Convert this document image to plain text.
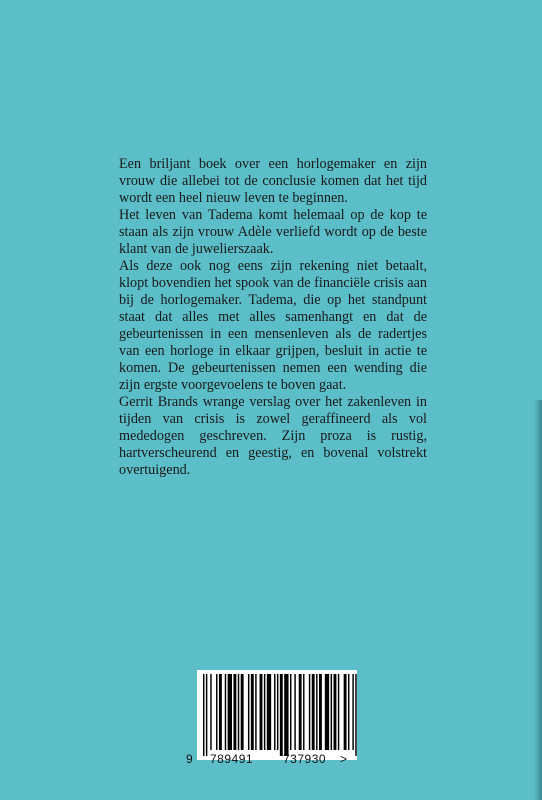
Een briljant boek over een horlogemaker en zijn vrouw die allebei tot de conclusie komen dat het tijd wordt een heel nieuw leven te beginnen.

Het leven van Tadema komt helemaal op de kop te staan als zijn vrouw Adèle verliefd wordt op de beste klant van de juwelierszaak.

Als deze ook nog eens zijn rekening niet betaalt, klopt bovendien het spook van de financiële crisis aan bij de horlogemaker. Tadema, die op het standpunt staat dat alles met alles samenhangt en dat de gebeurtenissen in een mensenleven als de radertjes van een horloge in elkaar grijpen, besluit in actie te komen. De gebeurtenissen nemen een wending die zijn ergste voorgevoelens te boven gaat.

Gerrit Brands wrange verslag over het zakenleven in tijden van crisis is zowel geraffineerd als vol mededogen geschreven. Zijn proza is rustig, hartverscheurend en geestig, en bovenal volstrekt overtuigend.

9 789491 737930 >
